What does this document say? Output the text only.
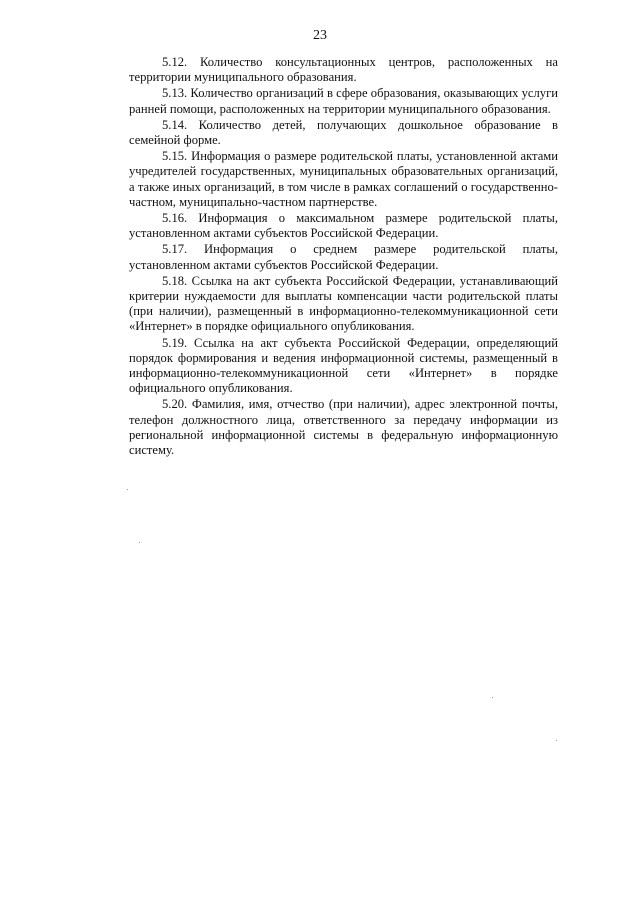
23

5.12. Количество консультационных центров, расположенных на территории муниципального образования.

5.13. Количество организаций в сфере образования, оказывающих услуги ранней помощи, расположенных на территории муниципального образования.

5.14. Количество детей, получающих дошкольное образование в семейной форме.

5.15. Информация о размере родительской платы, установленной актами учредителей государственных, муниципальных образовательных организаций, а также иных организаций, в том числе в рамках соглашений о государственно-частном, муниципально-частном партнерстве.

5.16. Информация о максимальном размере родительской платы, установленном актами субъектов Российской Федерации.

5.17. Информация о среднем размере родительской платы, установленном актами субъектов Российской Федерации.

5.18. Ссылка на акт субъекта Российской Федерации, устанавливающий критерии нуждаемости для выплаты компенсации части родительской платы (при наличии), размещенный в информационно-телекоммуникационной сети «Интернет» в порядке официального опубликования.

5.19. Ссылка на акт субъекта Российской Федерации, определяющий порядок формирования и ведения информационной системы, размещенный в информационно-телекоммуникационной сети «Интернет» в порядке официального опубликования.

5.20. Фамилия, имя, отчество (при наличии), адрес электронной почты, телефон должностного лица, ответственного за передачу информации из региональной информационной системы в федеральную информационную систему.
